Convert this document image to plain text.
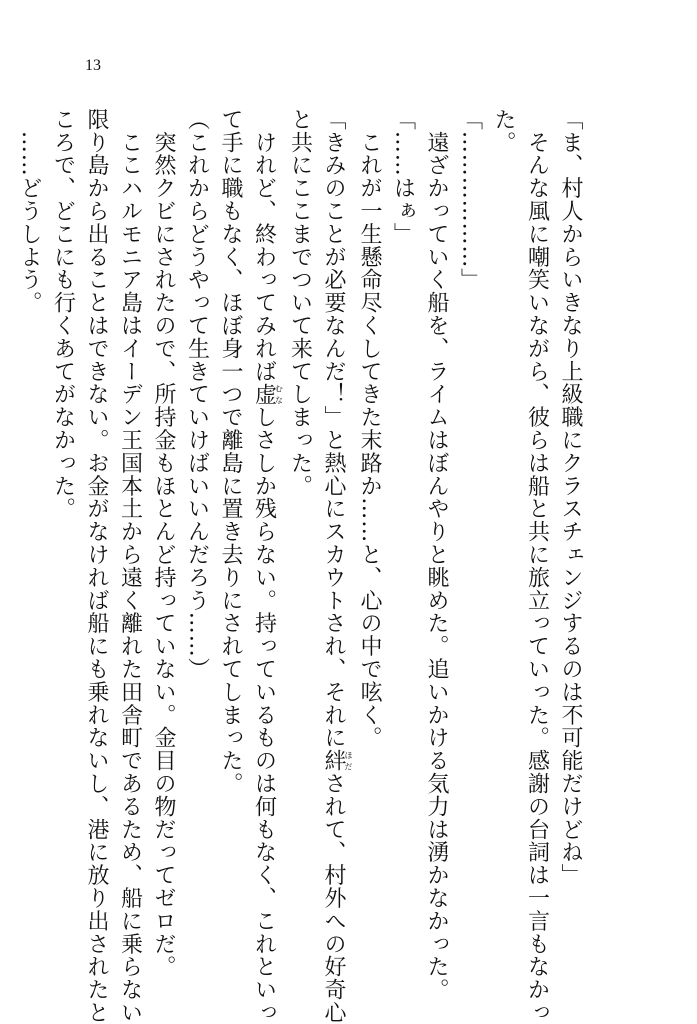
13
「ま、村人からいきなり上級職にクラスチェンジするのは不可能だけどね」
　そんな風に嘲笑いながら、彼らは船と共に旅立っていった。感謝の台詞は一言もなかっ
た。
「………………」
　遠ざかっていく船を、ライムはぼんやりと眺めた。追いかける気力は湧かなかった。
「……はぁ」
　これが一生懸命尽くしてきた末路か……と、心の中で呟く。
「きみのことが必要なんだ！」と熱心にスカウトされ、それに絆ほだされて、村外への好奇心
と共にここまでついて来てしまった。
　けれど、終わってみれば虚むなしさしか残らない。持っているものは何もなく、これといっ
て手に職もなく、ほぼ身一つで離島に置き去りにされてしまった。
（これからどうやって生きていけばいいんだろう……）
　突然クビにされたので、所持金もほとんど持っていない。金目の物だってゼロだ。
　ここハルモニア島はイーデン王国本土から遠く離れた田舎町であるため、船に乗らない
限り島から出ることはできない。お金がなければ船にも乗れないし、港に放り出されたと
ころで、どこにも行くあてがなかった。
　……どうしよう。
